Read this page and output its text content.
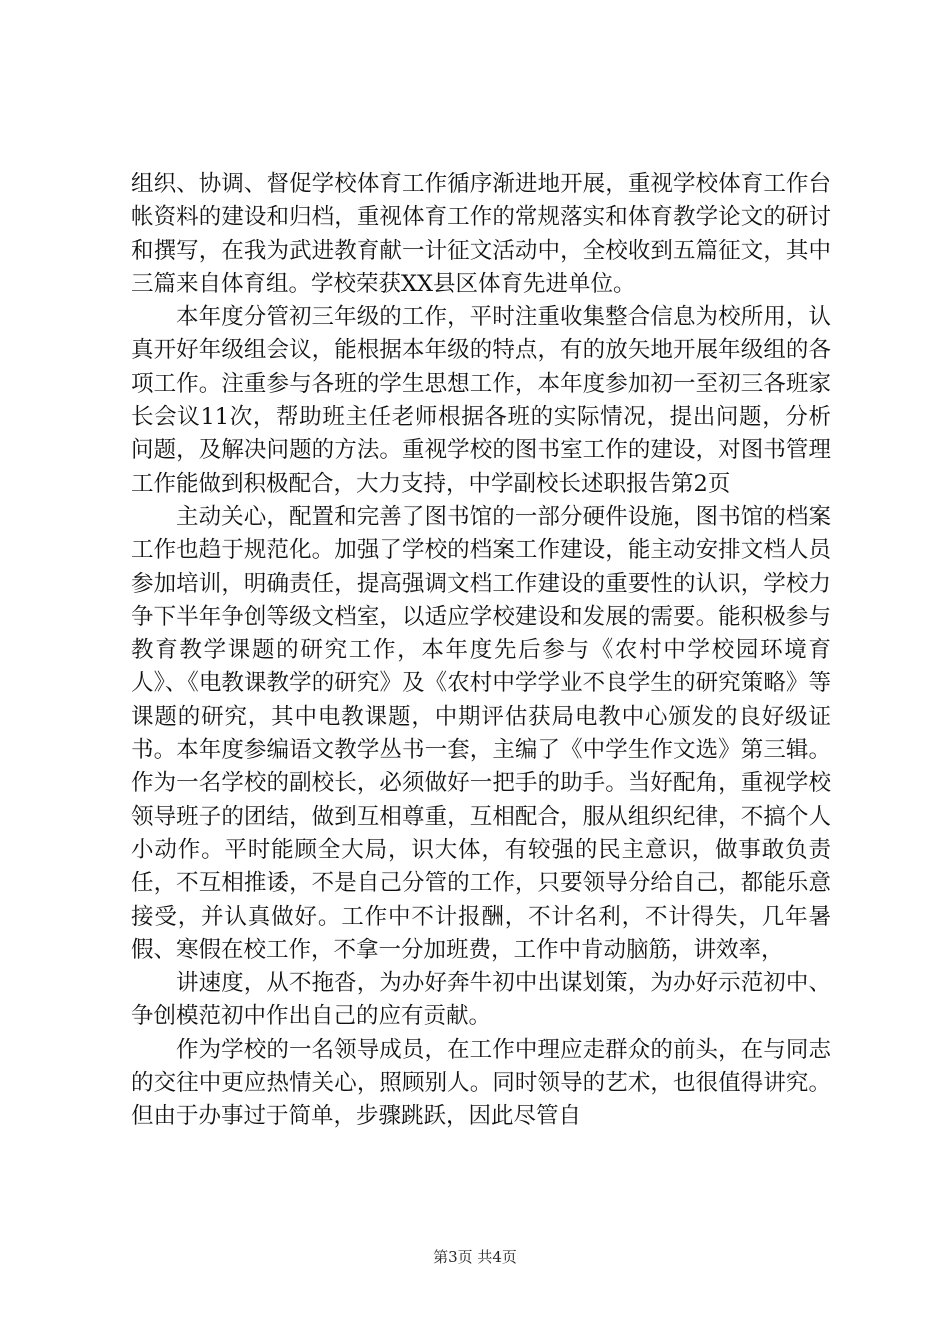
组织、协调、督促学校体育工作循序渐进地开展，重视学校体育工作台帐资料的建设和归档，重视体育工作的常规落实和体育教学论文的研讨和撰写，在我为武进教育献一计征文活动中，全校收到五篇征文，其中三篇来自体育组。学校荣获XX县区体育先进单位。

本年度分管初三年级的工作，平时注重收集整合信息为校所用，认真开好年级组会议，能根据本年级的特点，有的放矢地开展年级组的各项工作。注重参与各班的学生思想工作，本年度参加初一至初三各班家长会议11次，帮助班主任老师根据各班的实际情况，提出问题，分析问题，及解决问题的方法。重视学校的图书室工作的建设，对图书管理工作能做到积极配合，大力支持，中学副校长述职报告第2页

主动关心，配置和完善了图书馆的一部分硬件设施，图书馆的档案工作也趋于规范化。加强了学校的档案工作建设，能主动安排文档人员参加培训，明确责任，提高强调文档工作建设的重要性的认识，学校力争下半年争创等级文档室，以适应学校建设和发展的需要。能积极参与教育教学课题的研究工作，本年度先后参与《农村中学校园环境育人》、《电教课教学的研究》及《农村中学学业不良学生的研究策略》等课题的研究，其中电教课题，中期评估获局电教中心颁发的良好级证书。本年度参编语文教学丛书一套，主编了《中学生作文选》第三辑。作为一名学校的副校长，必须做好一把手的助手。当好配角，重视学校领导班子的团结，做到互相尊重，互相配合，服从组织纪律，不搞个人小动作。平时能顾全大局，识大体，有较强的民主意识，做事敢负责任，不互相推诿，不是自己分管的工作，只要领导分给自己，都能乐意接受，并认真做好。工作中不计报酬，不计名利，不计得失，几年暑假、寒假在校工作，不拿一分加班费，工作中肯动脑筋，讲效率，

讲速度，从不拖沓，为办好奔牛初中出谋划策，为办好示范初中、争创模范初中作出自己的应有贡献。

作为学校的一名领导成员，在工作中理应走群众的前头，在与同志的交往中更应热情关心，照顾别人。同时领导的艺术，也很值得讲究。但由于办事过于简单，步骤跳跃，因此尽管自

第3页 共4页
